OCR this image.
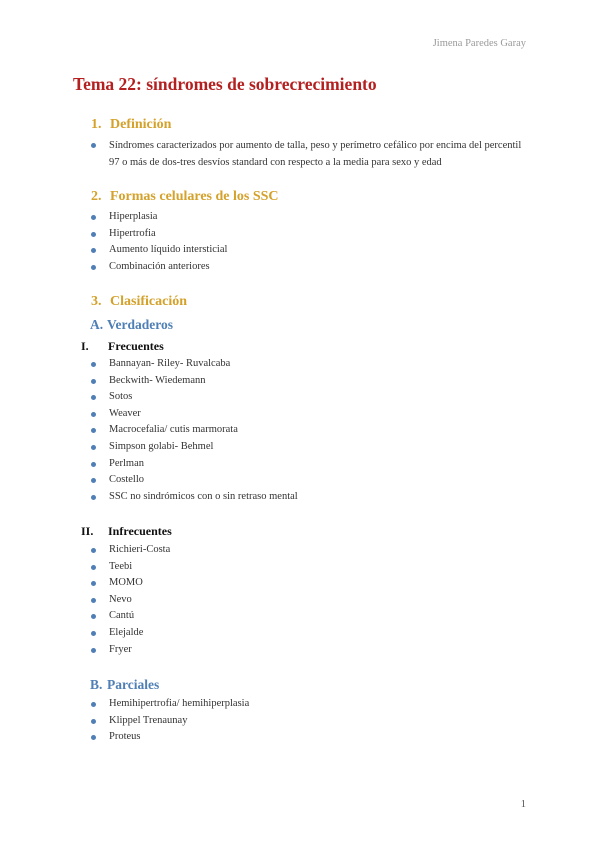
Jimena Paredes Garay
Tema 22: síndromes de sobrecrecimiento
1. Definición
Síndromes caracterizados por aumento de talla, peso y perímetro cefálico por encima del percentil 97 o más de dos-tres desvíos standard con respecto a la media para sexo y edad
2. Formas celulares de los SSC
Hiperplasia
Hipertrofia
Aumento líquido intersticial
Combinación anteriores
3. Clasificación
A. Verdaderos
I. Frecuentes
Bannayan- Riley- Ruvalcaba
Beckwith- Wiedemann
Sotos
Weaver
Macrocefalia/ cutis marmorata
Simpson golabi- Behmel
Perlman
Costello
SSC no sindrómicos con o sin retraso mental
II. Infrecuentes
Richieri-Costa
Teebi
MOMO
Nevo
Cantú
Elejalde
Fryer
B. Parciales
Hemihipertrofia/ hemihiperplasia
Klippel Trenaunay
Proteus
1
